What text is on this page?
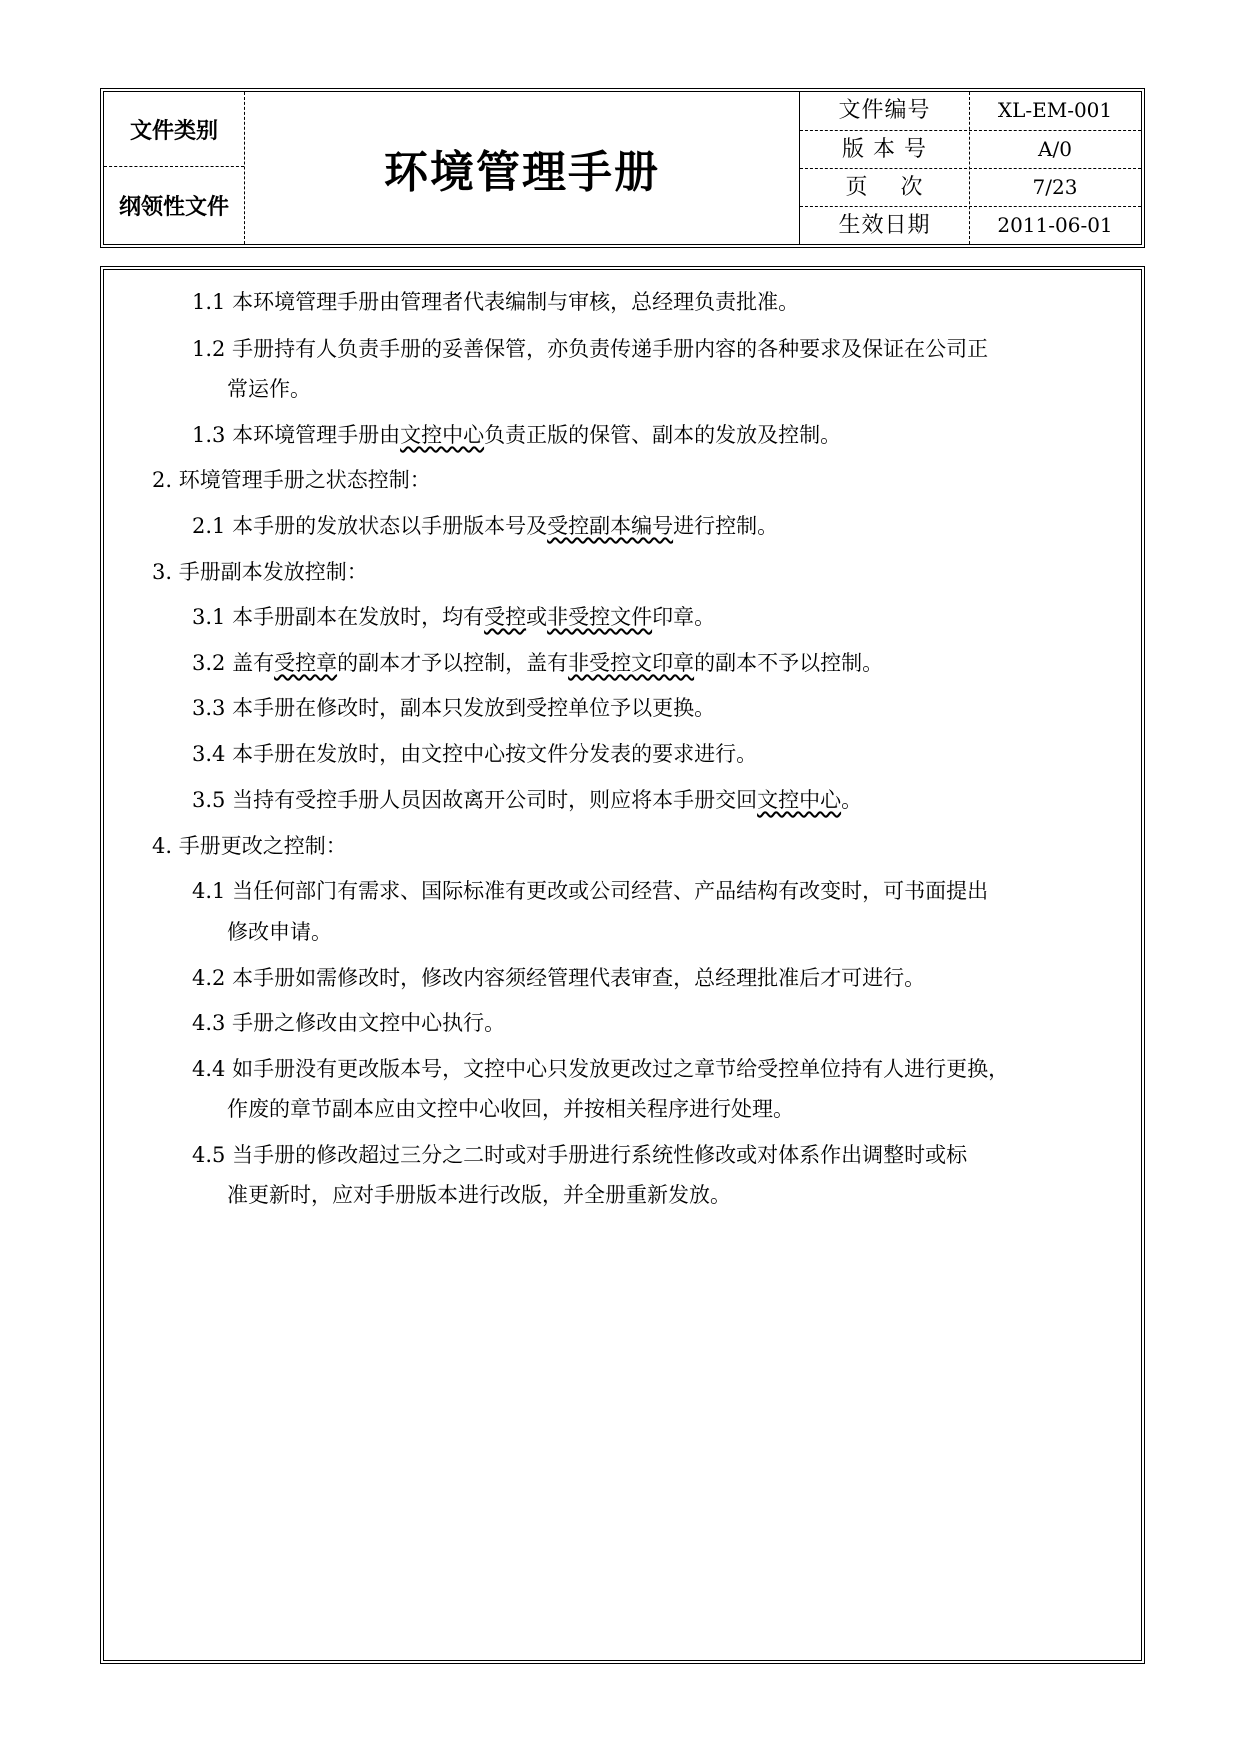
文件类别
纲领性文件
环境管理手册
文件编号	XL-EM-001
版 本 号	A/0
页    次	7/23
生效日期	2011-06-01
1.1 本环境管理手册由管理者代表编制与审核，总经理负责批准。
1.2 手册持有人负责手册的妥善保管，亦负责传递手册内容的各种要求及保证在公司正
常运作。
1.3 本环境管理手册由文控中心负责正版的保管、副本的发放及控制。
2. 环境管理手册之状态控制：
2.1 本手册的发放状态以手册版本号及受控副本编号进行控制。
3. 手册副本发放控制：
3.1 本手册副本在发放时，均有受控或非受控文件印章。
3.2 盖有受控章的副本才予以控制，盖有非受控文印章的副本不予以控制。
3.3 本手册在修改时，副本只发放到受控单位予以更换。
3.4 本手册在发放时，由文控中心按文件分发表的要求进行。
3.5 当持有受控手册人员因故离开公司时，则应将本手册交回文控中心。
4. 手册更改之控制：
4.1 当任何部门有需求、国际标准有更改或公司经营、产品结构有改变时，可书面提出
修改申请。
4.2 本手册如需修改时，修改内容须经管理代表审查，总经理批准后才可进行。
4.3 手册之修改由文控中心执行。
4.4 如手册没有更改版本号，文控中心只发放更改过之章节给受控单位持有人进行更换，
作废的章节副本应由文控中心收回，并按相关程序进行处理。
4.5 当手册的修改超过三分之二时或对手册进行系统性修改或对体系作出调整时或标
准更新时，应对手册版本进行改版，并全册重新发放。
